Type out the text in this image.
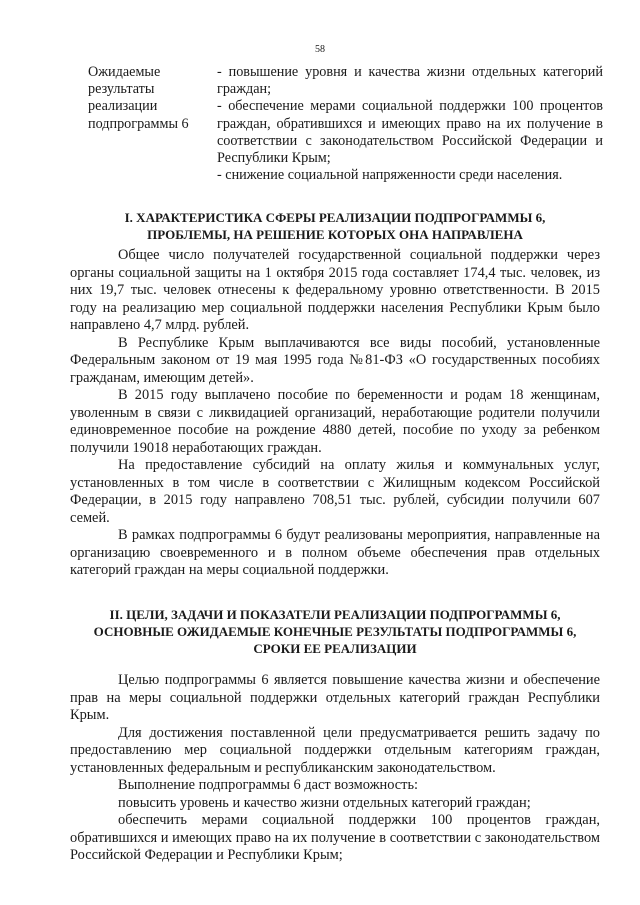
58
Ожидаемые
результаты
реализации
подпрограммы 6

- повышение уровня и качества жизни отдельных категорий граждан;

- обеспечение мерами социальной поддержки 100 процентов граждан, обратившихся и имеющих право на их получение в соответствии с законодательством Российской Федерации и Республики Крым;

- снижение социальной напряженности среди населения.

I. ХАРАКТЕРИСТИКА СФЕРЫ РЕАЛИЗАЦИИ ПОДПРОГРАММЫ 6,
ПРОБЛЕМЫ, НА РЕШЕНИЕ КОТОРЫХ ОНА НАПРАВЛЕНА

Общее число получателей государственной социальной поддержки через органы социальной защиты на 1 октября 2015 года составляет 174,4 тыс. человек, из них 19,7 тыс. человек отнесены к федеральному уровню ответственности. В 2015 году на реализацию мер социальной поддержки населения Республики Крым было направлено 4,7 млрд. рублей.

В Республике Крым выплачиваются все виды пособий, установленные Федеральным законом от 19 мая 1995 года №81-ФЗ «О государственных пособиях гражданам, имеющим детей».

В 2015 году выплачено пособие по беременности и родам 18 женщинам, уволенным в связи с ликвидацией организаций, неработающие родители получили единовременное пособие на рождение 4880 детей, пособие по уходу за ребенком получили 19018 неработающих граждан.

На предоставление субсидий на оплату жилья и коммунальных услуг, установленных в том числе в соответствии с Жилищным кодексом Российской Федерации, в 2015 году направлено 708,51 тыс. рублей, субсидии получили 607 семей.

В рамках подпрограммы 6 будут реализованы мероприятия, направленные на организацию своевременного и в полном объеме обеспечения прав отдельных категорий граждан на меры социальной поддержки.

II. ЦЕЛИ, ЗАДАЧИ И ПОКАЗАТЕЛИ РЕАЛИЗАЦИИ ПОДПРОГРАММЫ 6,
ОСНОВНЫЕ ОЖИДАЕМЫЕ КОНЕЧНЫЕ РЕЗУЛЬТАТЫ ПОДПРОГРАММЫ 6,
СРОКИ ЕЕ РЕАЛИЗАЦИИ

Целью подпрограммы 6 является повышение качества жизни и обеспечение прав на меры социальной поддержки отдельных категорий граждан Республики Крым.

Для достижения поставленной цели предусматривается решить задачу по предоставлению мер социальной поддержки отдельным категориям граждан, установленных федеральным и республиканским законодательством.

Выполнение подпрограммы 6 даст возможность:

повысить уровень и качество жизни отдельных категорий граждан;

обеспечить мерами социальной поддержки 100 процентов граждан, обратившихся и имеющих право на их получение в соответствии с законодательством Российской Федерации и Республики Крым;
